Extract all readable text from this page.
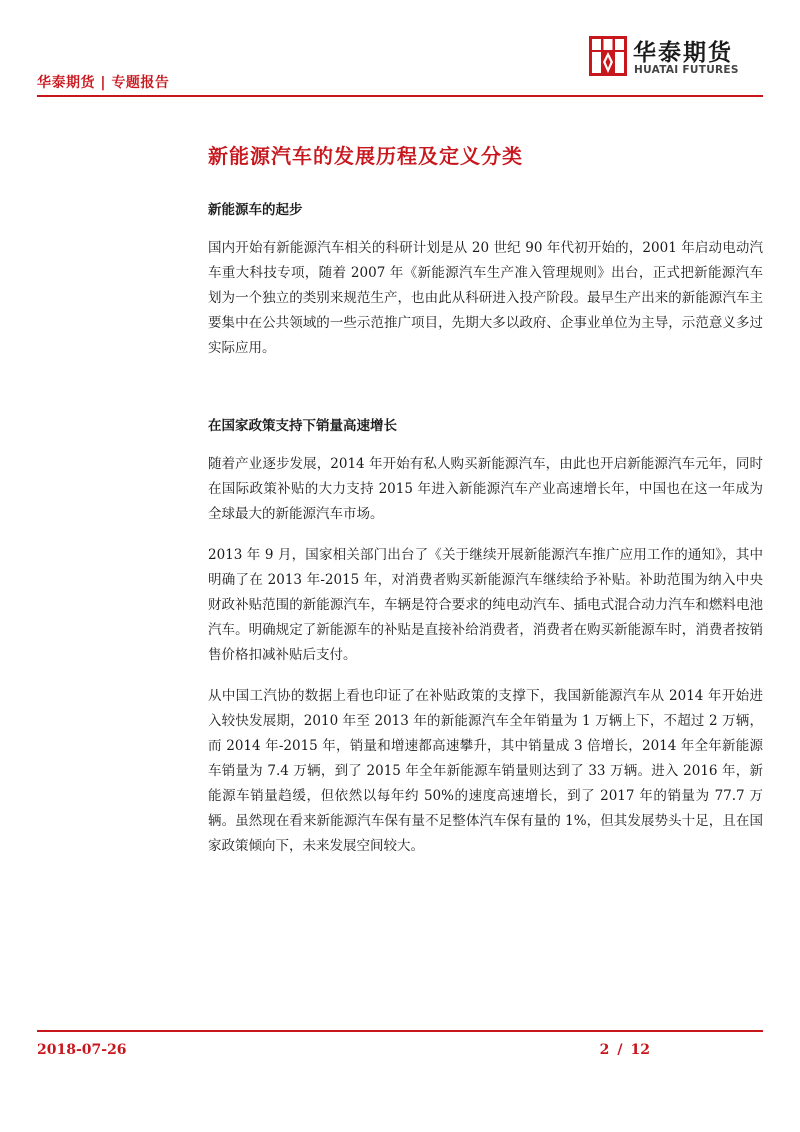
华泰期货 | 专题报告
华泰期货
HUATAI FUTURES
新能源汽车的发展历程及定义分类
新能源车的起步

国内开始有新能源汽车相关的科研计划是从 20 世纪 90 年代初开始的，2001 年启动电动汽车重大科技专项，随着 2007 年《新能源汽车生产准入管理规则》出台，正式把新能源汽车划为一个独立的类别来规范生产，也由此从科研进入投产阶段。最早生产出来的新能源汽车主要集中在公共领域的一些示范推广项目，先期大多以政府、企事业单位为主导，示范意义多过实际应用。

在国家政策支持下销量高速增长

随着产业逐步发展，2014 年开始有私人购买新能源汽车，由此也开启新能源汽车元年，同时在国际政策补贴的大力支持 2015 年进入新能源汽车产业高速增长年，中国也在这一年成为全球最大的新能源汽车市场。

2013 年 9 月，国家相关部门出台了《关于继续开展新能源汽车推广应用工作的通知》，其中明确了在 2013 年-2015 年，对消费者购买新能源汽车继续给予补贴。补助范围为纳入中央财政补贴范围的新能源汽车，车辆是符合要求的纯电动汽车、插电式混合动力汽车和燃料电池汽车。明确规定了新能源车的补贴是直接补给消费者，消费者在购买新能源车时，消费者按销售价格扣减补贴后支付。

从中国工汽协的数据上看也印证了在补贴政策的支撑下，我国新能源汽车从 2014 年开始进入较快发展期，2010 年至 2013 年的新能源汽车全年销量为 1 万辆上下，不超过 2 万辆，而 2014 年-2015 年，销量和增速都高速攀升，其中销量成 3 倍增长，2014 年全年新能源车销量为 7.4 万辆，到了 2015 年全年新能源车销量则达到了 33 万辆。进入 2016 年，新能源车销量趋缓，但依然以每年约 50%的速度高速增长，到了 2017 年的销量为 77.7 万辆。虽然现在看来新能源汽车保有量不足整体汽车保有量的 1%，但其发展势头十足，且在国家政策倾向下，未来发展空间较大。

2018-07-26	2 / 12
